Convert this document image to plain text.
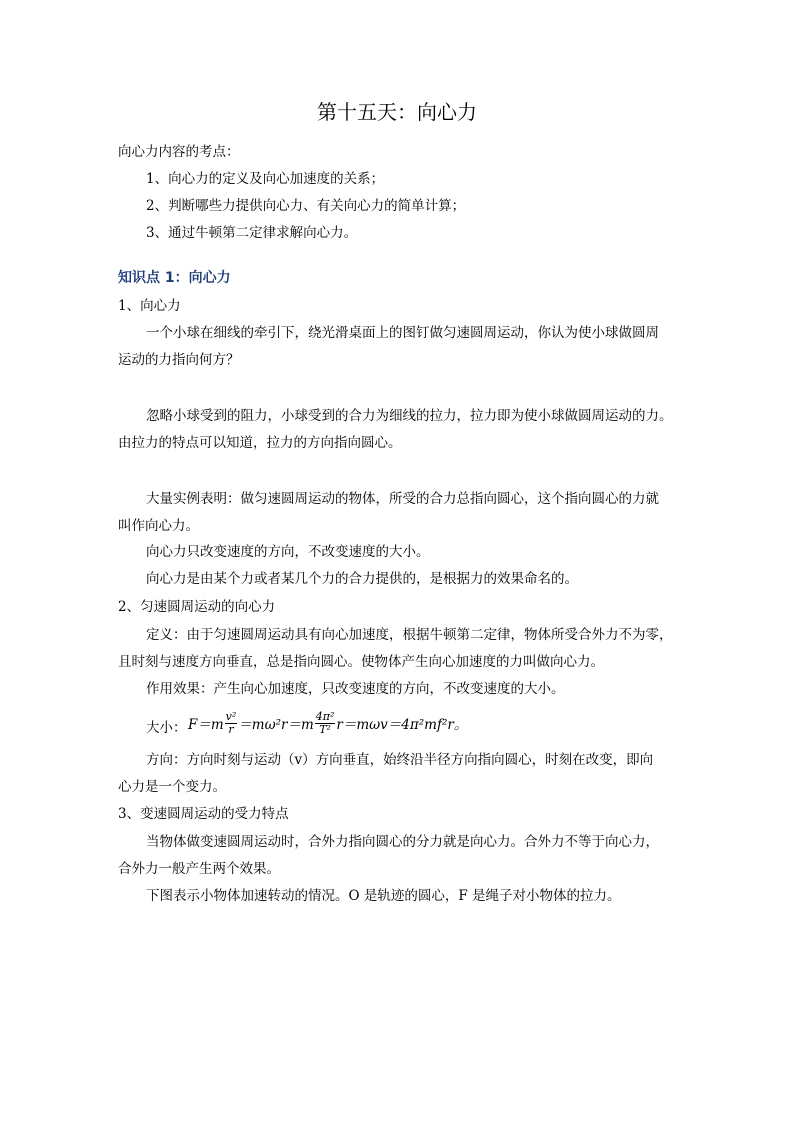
第十五天：向心力
向心力内容的考点：
1、向心力的定义及向心加速度的关系；
2、判断哪些力提供向心力、有关向心力的简单计算；
3、通过牛顿第二定律求解向心力。
知识点 1：向心力
1、向心力
一个小球在细线的牵引下，绕光滑桌面上的图钉做匀速圆周运动，你认为使小球做圆周
运动的力指向何方？
忽略小球受到的阻力，小球受到的合力为细线的拉力，拉力即为使小球做圆周运动的力。
由拉力的特点可以知道，拉力的方向指向圆心。
大量实例表明：做匀速圆周运动的物体，所受的合力总指向圆心，这个指向圆心的力就
叫作向心力。
向心力只改变速度的方向，不改变速度的大小。
向心力是由某个力或者某几个力的合力提供的，是根据力的效果命名的。
2、匀速圆周运动的向心力
定义：由于匀速圆周运动具有向心加速度，根据牛顿第二定律，物体所受合外力不为零，
且时刻与速度方向垂直，总是指向圆心。使物体产生向心加速度的力叫做向心力。
作用效果：产生向心加速度，只改变速度的方向，不改变速度的大小。
大小： $F=m \frac{\text{v²}}{r} =m\omega^2r=m \frac{\text{4π²}}{\text{T²}} r=m\omega v=4\pi^2mf^2r$。
方向：方向时刻与运动（v）方向垂直，始终沿半径方向指向圆心，时刻在改变，即向
心力是一个变力。
3、变速圆周运动的受力特点
当物体做变速圆周运动时，合外力指向圆心的分力就是向心力。合外力不等于向心力，
合外力一般产生两个效果。
下图表示小物体加速转动的情况。O 是轨迹的圆心，F 是绳子对小物体的拉力。
